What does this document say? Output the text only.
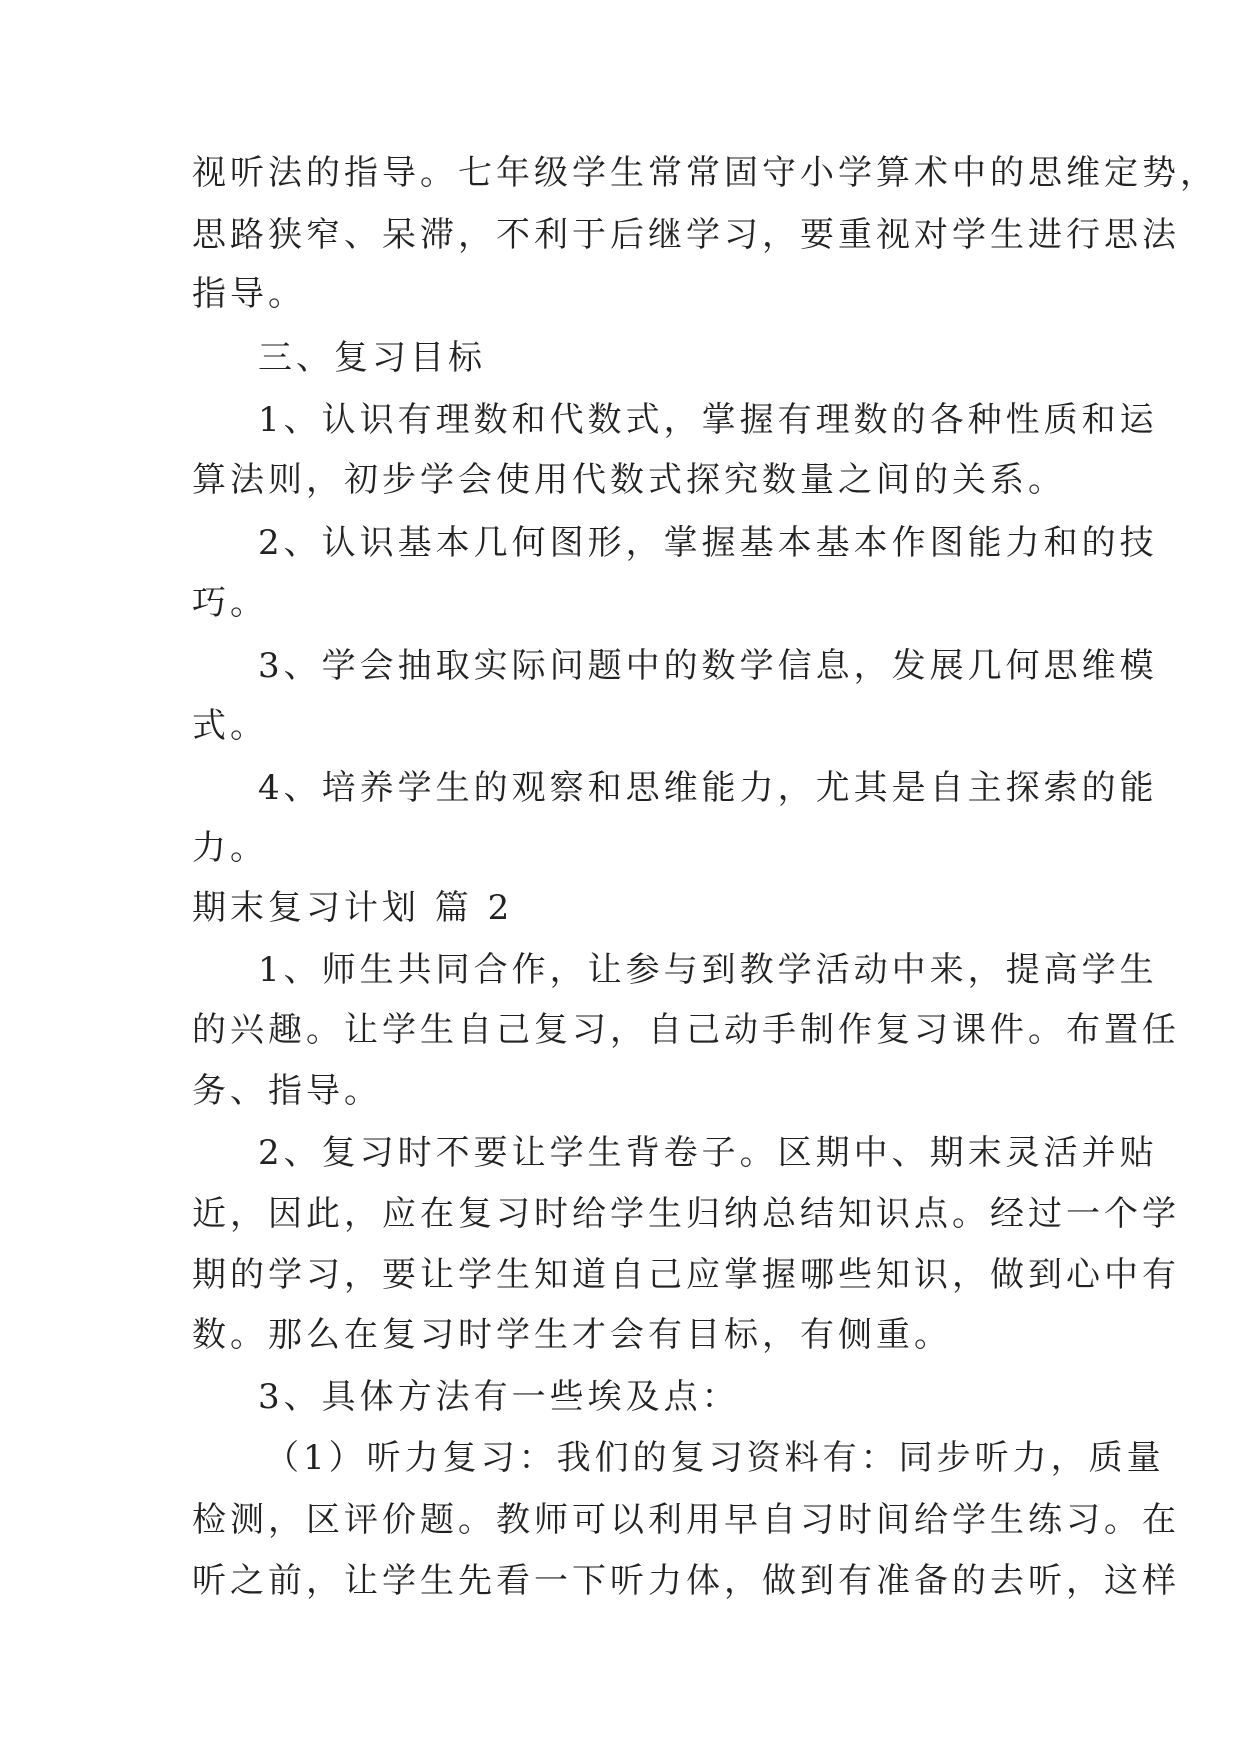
视听法的指导。七年级学生常常固守小学算术中的思维定势，
思路狭窄、呆滞，不利于后继学习，要重视对学生进行思法
指导。
三、复习目标
1、认识有理数和代数式，掌握有理数的各种性质和运
算法则，初步学会使用代数式探究数量之间的关系。
2、认识基本几何图形，掌握基本基本作图能力和的技
巧。
3、学会抽取实际问题中的数学信息，发展几何思维模
式。
4、培养学生的观察和思维能力，尤其是自主探索的能
力。
期末复习计划 篇 2
1、师生共同合作，让参与到教学活动中来，提高学生
的兴趣。让学生自己复习，自己动手制作复习课件。布置任
务、指导。
2、复习时不要让学生背卷子。区期中、期末灵活并贴
近，因此，应在复习时给学生归纳总结知识点。经过一个学
期的学习，要让学生知道自己应掌握哪些知识，做到心中有
数。那么在复习时学生才会有目标，有侧重。
3、具体方法有一些埃及点：
（1）听力复习：我们的复习资料有：同步听力，质量
检测，区评价题。教师可以利用早自习时间给学生练习。在
听之前，让学生先看一下听力体，做到有准备的去听，这样
